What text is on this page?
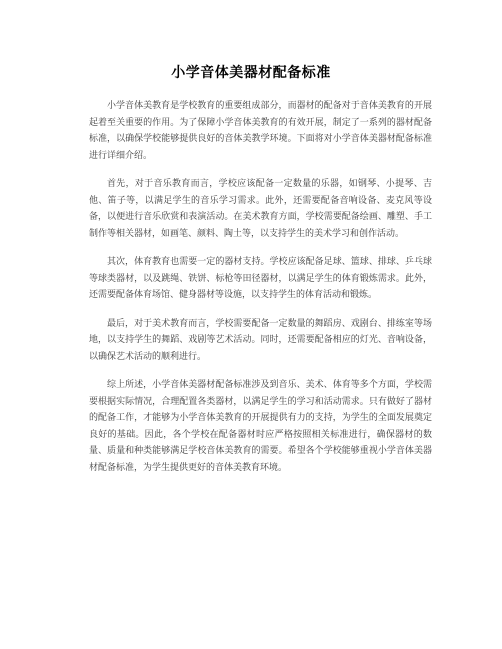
小学音体美器材配备标准

小学音体美教育是学校教育的重要组成部分，而器材的配备对于音体美教育的开展起着至关重要的作用。为了保障小学音体美教育的有效开展，制定了一系列的器材配备标准，以确保学校能够提供良好的音体美教学环境。下面将对小学音体美器材配备标准进行详细介绍。

首先，对于音乐教育而言，学校应该配备一定数量的乐器，如钢琴、小提琴、吉他、笛子等，以满足学生的音乐学习需求。此外，还需要配备音响设备、麦克风等设备，以便进行音乐欣赏和表演活动。在美术教育方面，学校需要配备绘画、雕塑、手工制作等相关器材，如画笔、颜料、陶土等，以支持学生的美术学习和创作活动。

其次，体育教育也需要一定的器材支持。学校应该配备足球、篮球、排球、乒乓球等球类器材，以及跳绳、铁饼、标枪等田径器材，以满足学生的体育锻炼需求。此外，还需要配备体育场馆、健身器材等设施，以支持学生的体育活动和锻炼。

最后，对于美术教育而言，学校需要配备一定数量的舞蹈房、戏剧台、排练室等场地，以支持学生的舞蹈、戏剧等艺术活动。同时，还需要配备相应的灯光、音响设备，以确保艺术活动的顺利进行。

综上所述，小学音体美器材配备标准涉及到音乐、美术、体育等多个方面，学校需要根据实际情况，合理配置各类器材，以满足学生的学习和活动需求。只有做好了器材的配备工作，才能够为小学音体美教育的开展提供有力的支持，为学生的全面发展奠定良好的基础。因此，各个学校在配备器材时应严格按照相关标准进行，确保器材的数量、质量和种类能够满足学校音体美教育的需要。希望各个学校能够重视小学音体美器材配备标准，为学生提供更好的音体美教育环境。
